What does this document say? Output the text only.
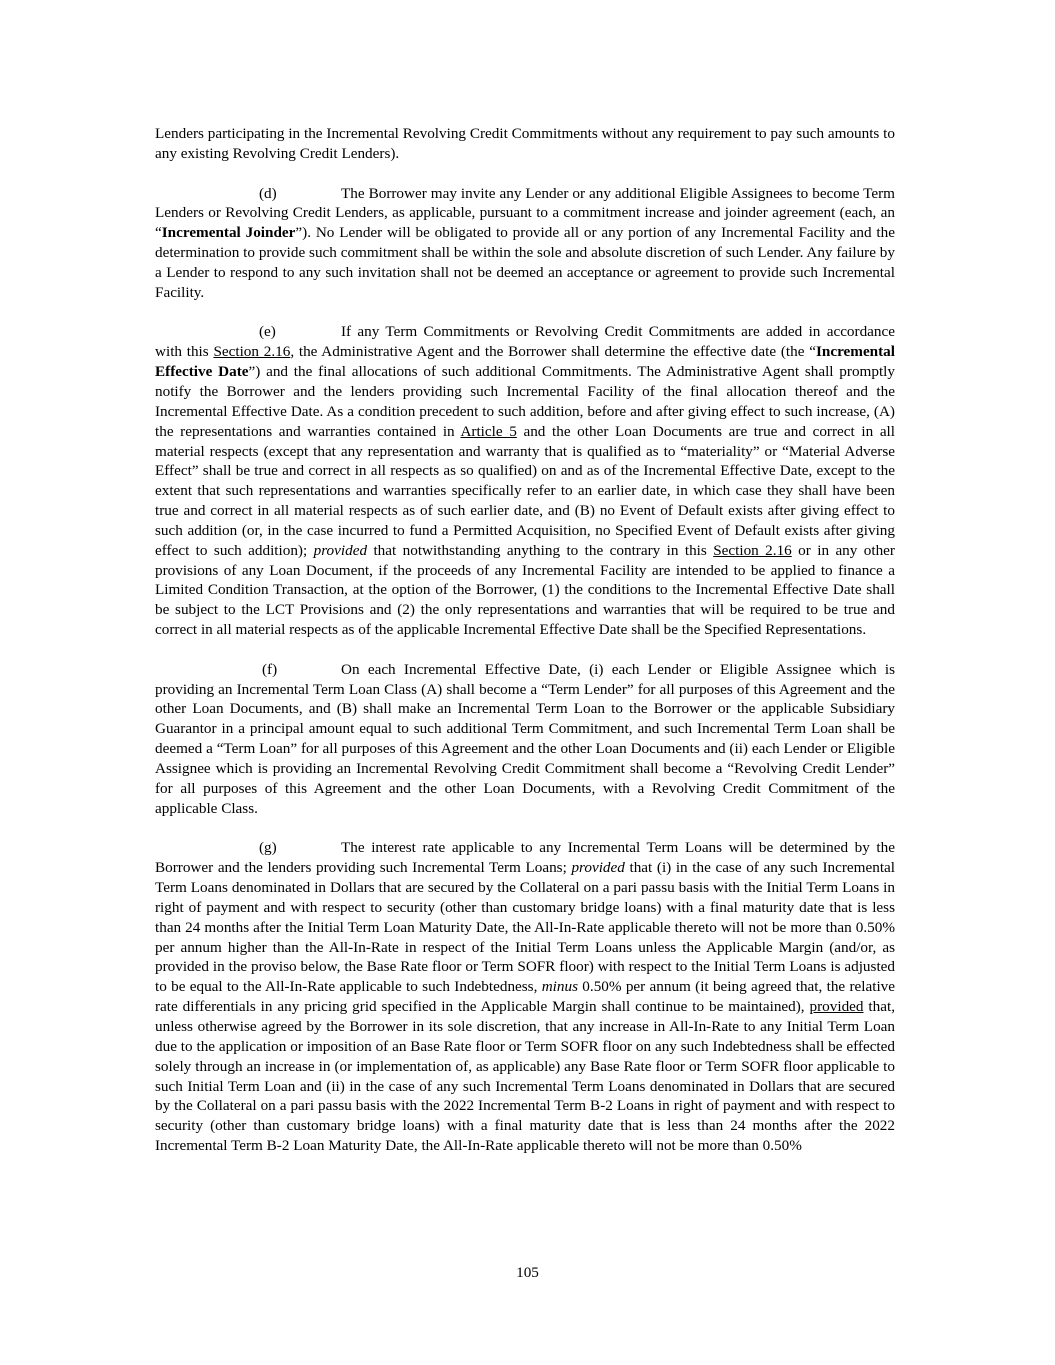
Lenders participating in the Incremental Revolving Credit Commitments without any requirement to pay such amounts to any existing Revolving Credit Lenders).

(d)	The Borrower may invite any Lender or any additional Eligible Assignees to become Term Lenders or Revolving Credit Lenders, as applicable, pursuant to a commitment increase and joinder agreement (each, an “Incremental Joinder”). No Lender will be obligated to provide all or any portion of any Incremental Facility and the determination to provide such commitment shall be within the sole and absolute discretion of such Lender. Any failure by a Lender to respond to any such invitation shall not be deemed an acceptance or agreement to provide such Incremental Facility.

(e)	If any Term Commitments or Revolving Credit Commitments are added in accordance with this Section 2.16, the Administrative Agent and the Borrower shall determine the effective date (the “Incremental Effective Date”) and the final allocations of such additional Commitments. The Administrative Agent shall promptly notify the Borrower and the lenders providing such Incremental Facility of the final allocation thereof and the Incremental Effective Date. As a condition precedent to such addition, before and after giving effect to such increase, (A) the representations and warranties contained in Article 5 and the other Loan Documents are true and correct in all material respects (except that any representation and warranty that is qualified as to “materiality” or “Material Adverse Effect” shall be true and correct in all respects as so qualified) on and as of the Incremental Effective Date, except to the extent that such representations and warranties specifically refer to an earlier date, in which case they shall have been true and correct in all material respects as of such earlier date, and (B) no Event of Default exists after giving effect to such addition (or, in the case incurred to fund a Permitted Acquisition, no Specified Event of Default exists after giving effect to such addition); provided that notwithstanding anything to the contrary in this Section 2.16 or in any other provisions of any Loan Document, if the proceeds of any Incremental Facility are intended to be applied to finance a Limited Condition Transaction, at the option of the Borrower, (1) the conditions to the Incremental Effective Date shall be subject to the LCT Provisions and (2) the only representations and warranties that will be required to be true and correct in all material respects as of the applicable Incremental Effective Date shall be the Specified Representations.

(f)	On each Incremental Effective Date, (i) each Lender or Eligible Assignee which is providing an Incremental Term Loan Class (A) shall become a “Term Lender” for all purposes of this Agreement and the other Loan Documents, and (B) shall make an Incremental Term Loan to the Borrower or the applicable Subsidiary Guarantor in a principal amount equal to such additional Term Commitment, and such Incremental Term Loan shall be deemed a “Term Loan” for all purposes of this Agreement and the other Loan Documents and (ii) each Lender or Eligible Assignee which is providing an Incremental Revolving Credit Commitment shall become a “Revolving Credit Lender” for all purposes of this Agreement and the other Loan Documents, with a Revolving Credit Commitment of the applicable Class.

(g)	The interest rate applicable to any Incremental Term Loans will be determined by the Borrower and the lenders providing such Incremental Term Loans; provided that (i) in the case of any such Incremental Term Loans denominated in Dollars that are secured by the Collateral on a pari passu basis with the Initial Term Loans in right of payment and with respect to security (other than customary bridge loans) with a final maturity date that is less than 24 months after the Initial Term Loan Maturity Date, the All-In-Rate applicable thereto will not be more than 0.50% per annum higher than the All-In-Rate in respect of the Initial Term Loans unless the Applicable Margin (and/or, as provided in the proviso below, the Base Rate floor or Term SOFR floor) with respect to the Initial Term Loans is adjusted to be equal to the All-In-Rate applicable to such Indebtedness, minus 0.50% per annum (it being agreed that, the relative rate differentials in any pricing grid specified in the Applicable Margin shall continue to be maintained), provided that, unless otherwise agreed by the Borrower in its sole discretion, that any increase in All-In-Rate to any Initial Term Loan due to the application or imposition of an Base Rate floor or Term SOFR floor on any such Indebtedness shall be effected solely through an increase in (or implementation of, as applicable) any Base Rate floor or Term SOFR floor applicable to such Initial Term Loan and (ii) in the case of any such Incremental Term Loans denominated in Dollars that are secured by the Collateral on a pari passu basis with the 2022 Incremental Term B-2 Loans in right of payment and with respect to security (other than customary bridge loans) with a final maturity date that is less than 24 months after the 2022 Incremental Term B-2 Loan Maturity Date, the All-In-Rate applicable thereto will not be more than 0.50%

105
